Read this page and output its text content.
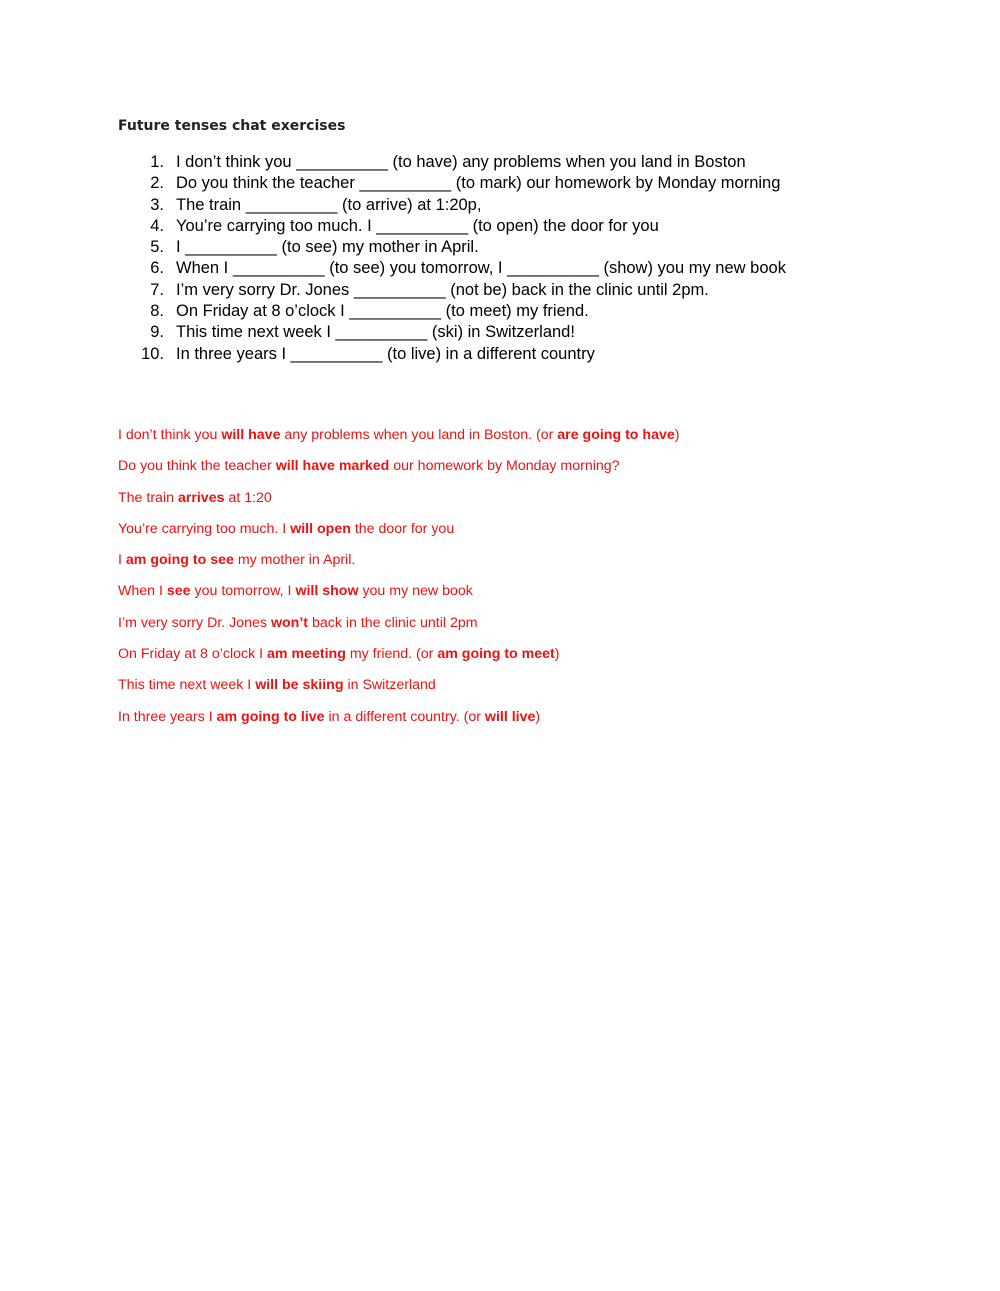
Future tenses chat exercises
1. I don’t think you __________ (to have) any problems when you land in Boston
2. Do you think the teacher __________ (to mark) our homework by Monday morning
3. The train __________ (to arrive) at 1:20p,
4. You’re carrying too much. I __________ (to open) the door for you
5. I __________ (to see) my mother in April.
6. When I __________ (to see) you tomorrow, I __________ (show) you my new book
7. I’m very sorry Dr. Jones __________ (not be) back in the clinic until 2pm.
8. On Friday at 8 o’clock I __________ (to meet) my friend.
9. This time next week I __________ (ski) in Switzerland!
10. In three years I __________ (to live) in a different country
I don’t think you will have any problems when you land in Boston. (or are going to have)
Do you think the teacher will have marked our homework by Monday morning?
The train arrives at 1:20
You’re carrying too much. I will open the door for you
I am going to see my mother in April.
When I see you tomorrow, I will show you my new book
I’m very sorry Dr. Jones won’t back in the clinic until 2pm
On Friday at 8 o’clock I am meeting my friend. (or am going to meet)
This time next week I will be skiing in Switzerland
In three years I am going to live in a different country. (or will live)
